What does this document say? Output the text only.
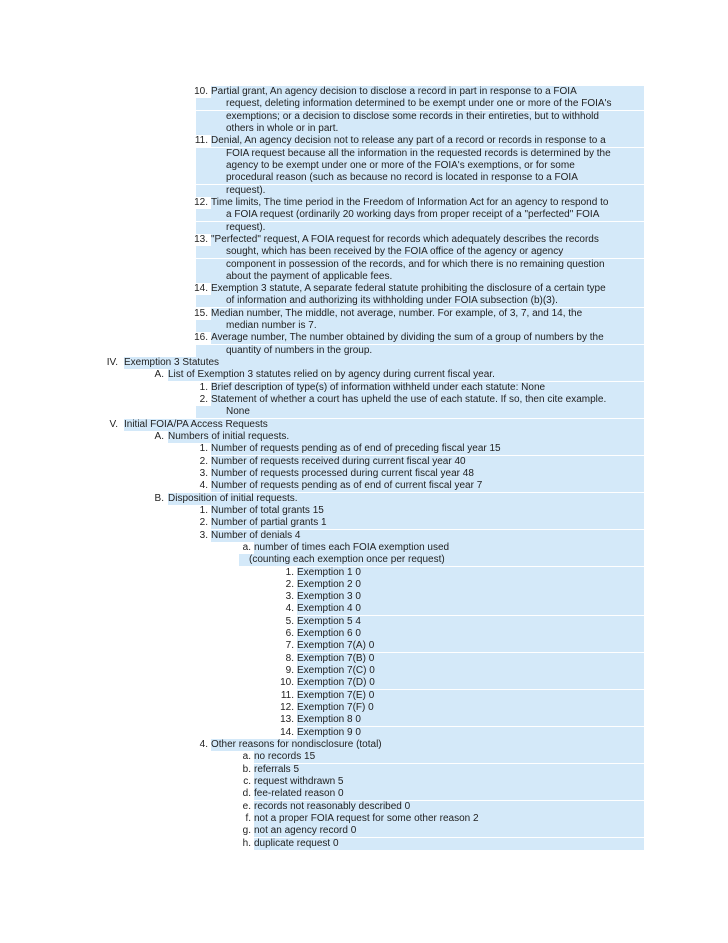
10. Partial grant, An agency decision to disclose a record in part in response to a FOIA
request, deleting information determined to be exempt under one or more of the FOIA's
exemptions; or a decision to disclose some records in their entireties, but to withhold
others in whole or in part.
11. Denial, An agency decision not to release any part of a record or records in response to a
FOIA request because all the information in the requested records is determined by the
agency to be exempt under one or more of the FOIA's exemptions, or for some
procedural reason (such as because no record is located in response to a FOIA
request).
12. Time limits, The time period in the Freedom of Information Act for an agency to respond to
a FOIA request (ordinarily 20 working days from proper receipt of a "perfected" FOIA
request).
13. "Perfected" request, A FOIA request for records which adequately describes the records
sought, which has been received by the FOIA office of the agency or agency
component in possession of the records, and for which there is no remaining question
about the payment of applicable fees.
14. Exemption 3 statute, A separate federal statute prohibiting the disclosure of a certain type
of information and authorizing its withholding under FOIA subsection (b)(3).
15. Median number, The middle, not average, number. For example, of 3, 7, and 14, the
median number is 7.
16. Average number, The number obtained by dividing the sum of a group of numbers by the
quantity of numbers in the group.
IV. Exemption 3 Statutes
A. List of Exemption 3 statutes relied on by agency during current fiscal year.
1. Brief description of type(s) of information withheld under each statute: None
2. Statement of whether a court has upheld the use of each statute. If so, then cite example.
None
V. Initial FOIA/PA Access Requests
A. Numbers of initial requests.
1. Number of requests pending as of end of preceding fiscal year 15
2. Number of requests received during current fiscal year 40
3. Number of requests processed during current fiscal year 48
4. Number of requests pending as of end of current fiscal year 7
B. Disposition of initial requests.
1. Number of total grants 15
2. Number of partial grants 1
3. Number of denials 4
a. number of times each FOIA exemption used
(counting each exemption once per request)
1. Exemption 1 0
2. Exemption 2 0
3. Exemption 3 0
4. Exemption 4 0
5. Exemption 5 4
6. Exemption 6 0
7. Exemption 7(A) 0
8. Exemption 7(B) 0
9. Exemption 7(C) 0
10. Exemption 7(D) 0
11. Exemption 7(E) 0
12. Exemption 7(F) 0
13. Exemption 8 0
14. Exemption 9 0
4. Other reasons for nondisclosure (total)
a. no records 15
b. referrals 5
c. request withdrawn 5
d. fee-related reason 0
e. records not reasonably described 0
f. not a proper FOIA request for some other reason 2
g. not an agency record 0
h. duplicate request 0
